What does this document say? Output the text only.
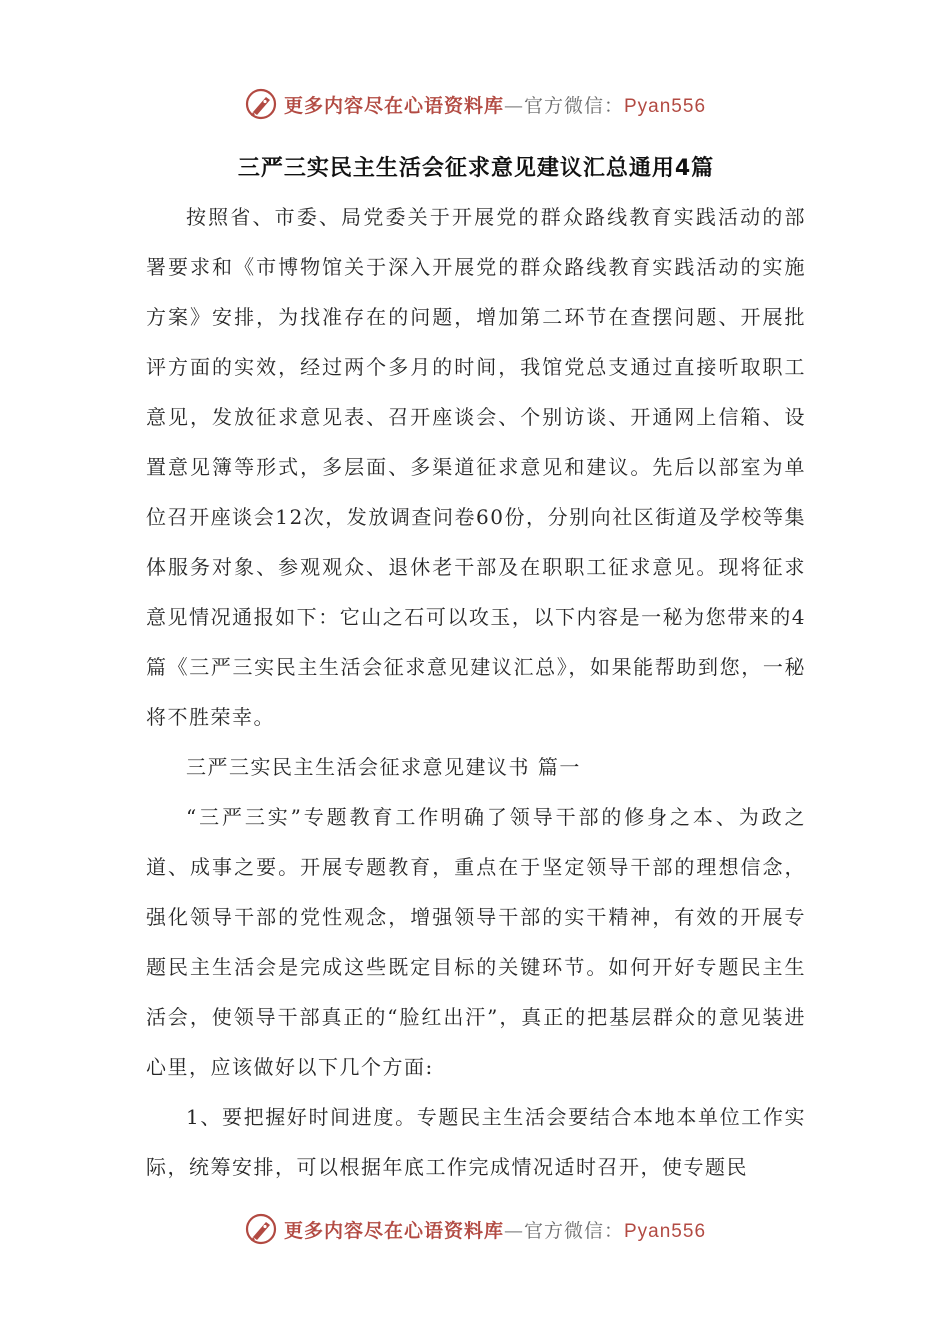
更多内容尽在心语资料库—官方微信：Pyan556
三严三实民主生活会征求意见建议汇总通用4篇

按照省、市委、局党委关于开展党的群众路线教育实践活动的部署要求和《市博物馆关于深入开展党的群众路线教育实践活动的实施方案》安排，为找准存在的问题，增加第二环节在查摆问题、开展批评方面的实效，经过两个多月的时间，我馆党总支通过直接听取职工意见，发放征求意见表、召开座谈会、个别访谈、开通网上信箱、设置意见簿等形式，多层面、多渠道征求意见和建议。先后以部室为单位召开座谈会12次，发放调查问卷60份，分别向社区街道及学校等集体服务对象、参观观众、退休老干部及在职职工征求意见。现将征求意见情况通报如下：它山之石可以攻玉，以下内容是一秘为您带来的4篇《三严三实民主生活会征求意见建议汇总》，如果能帮助到您，一秘将不胜荣幸。

三严三实民主生活会征求意见建议书 篇一

“三严三实”专题教育工作明确了领导干部的修身之本、为政之道、成事之要。开展专题教育，重点在于坚定领导干部的理想信念，强化领导干部的党性观念，增强领导干部的实干精神，有效的开展专题民主生活会是完成这些既定目标的关键环节。如何开好专题民主生活会，使领导干部真正的“脸红出汗”，真正的把基层群众的意见装进心里，应该做好以下几个方面:

1、要把握好时间进度。专题民主生活会要结合本地本单位工作实际，统筹安排，可以根据年底工作完成情况适时召开，使专题民

更多内容尽在心语资料库—官方微信：Pyan556
